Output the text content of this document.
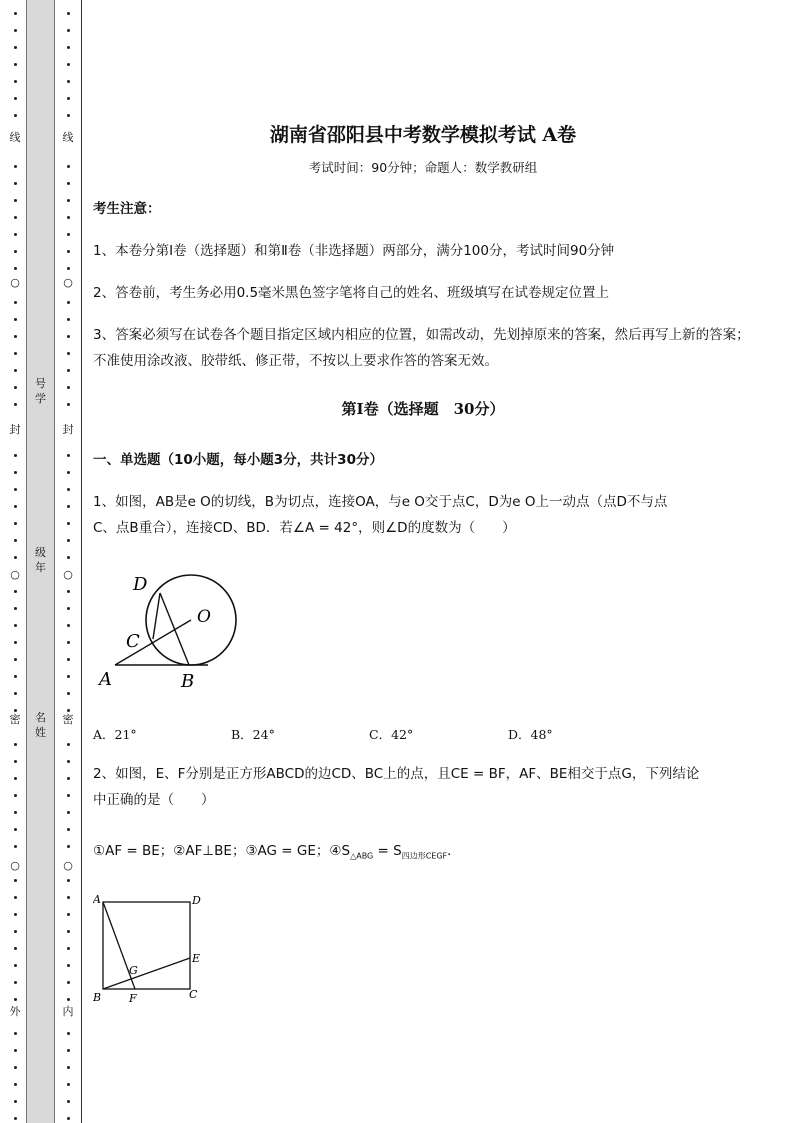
线
○
封
○
密
○
外
号
学
级
年
名
姓
线
○
封
○
密
○
内
湖南省邵阳县中考数学模拟考试 A卷
考试时间：90分钟；命题人：数学教研组
考生注意：
1、本卷分第Ⅰ卷（选择题）和第Ⅱ卷（非选择题）两部分，满分100分，考试时间90分钟
2、答卷前，考生务必用0.5毫米黑色签字笔将自己的姓名、班级填写在试卷规定位置上
3、答案必须写在试卷各个题目指定区域内相应的位置，如需改动，先划掉原来的答案，然后再写上新的答案；不准使用涂改液、胶带纸、修正带，不按以上要求作答的答案无效。
第Ⅰ卷（选择题　30分）
一、单选题（10小题，每小题3分，共计30分）
1、如图，AB是e O的切线，B为切点，连接OA，与e O交于点C，D为e O上一动点（点D不与点
C、点B重合），连接CD、BD．若∠A = 42°，则∠D的度数为（　　）
D
O
C
A	B
A．21°	B．24°	C．42°	D．48°
2、如图，E、F分别是正方形ABCD的边CD、BC上的点，且CE = BF，AF、BE相交于点G，下列结论
中正确的是（　　）
①AF = BE；②AF⊥BE；③AG = GE；$④S_{\triangle ABG} = S_{四边形CEGF}$．
A	D
G
E
B	F	C
